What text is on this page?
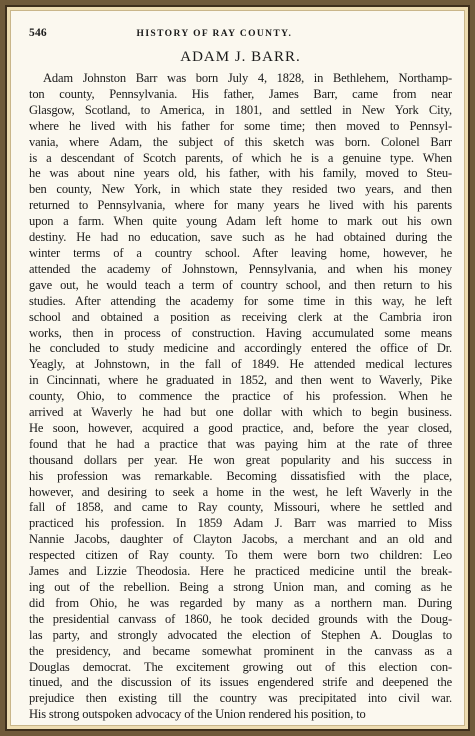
546	HISTORY OF RAY COUNTY.
ADAM J. BARR.
Adam Johnston Barr was born July 4, 1828, in Bethlehem, Northamp-
ton county, Pennsylvania. His father, James Barr, came from near
Glasgow, Scotland, to America, in 1801, and settled in New York City,
where he lived with his father for some time; then moved to Pennsyl-
vania, where Adam, the subject of this sketch was born. Colonel Barr
is a descendant of Scotch parents, of which he is a genuine type. When
he was about nine years old, his father, with his family, moved to Steu-
ben county, New York, in which state they resided two years, and then
returned to Pennsylvania, where for many years he lived with his parents
upon a farm. When quite young Adam left home to mark out his own
destiny. He had no education, save such as he had obtained during the
winter terms of a country school. After leaving home, however, he
attended the academy of Johnstown, Pennsylvania, and when his money
gave out, he would teach a term of country school, and then return to his
studies. After attending the academy for some time in this way, he left
school and obtained a position as receiving clerk at the Cambria iron
works, then in process of construction. Having accumulated some means
he concluded to study medicine and accordingly entered the office of Dr.
Yeagly, at Johnstown, in the fall of 1849. He attended medical lectures
in Cincinnati, where he graduated in 1852, and then went to Waverly, Pike
county, Ohio, to commence the practice of his profession. When he
arrived at Waverly he had but one dollar with which to begin business.
He soon, however, acquired a good practice, and, before the year closed,
found that he had a practice that was paying him at the rate of three
thousand dollars per year. He won great popularity and his success in
his profession was remarkable. Becoming dissatisfied with the place,
however, and desiring to seek a home in the west, he left Waverly in the
fall of 1858, and came to Ray county, Missouri, where he settled and
practiced his profession. In 1859 Adam J. Barr was married to Miss
Nannie Jacobs, daughter of Clayton Jacobs, a merchant and an old and
respected citizen of Ray county. To them were born two children: Leo
James and Lizzie Theodosia. Here he practiced medicine until the break-
ing out of the rebellion. Being a strong Union man, and coming as he
did from Ohio, he was regarded by many as a northern man. During
the presidential canvass of 1860, he took decided grounds with the Doug-
las party, and strongly advocated the election of Stephen A. Douglas to
the presidency, and became somewhat prominent in the canvass as a
Douglas democrat. The excitement growing out of this election con-
tinued, and the discussion of its issues engendered strife and deepened the
prejudice then existing till the country was precipitated into civil war.
His strong outspoken advocacy of the Union rendered his position, to
